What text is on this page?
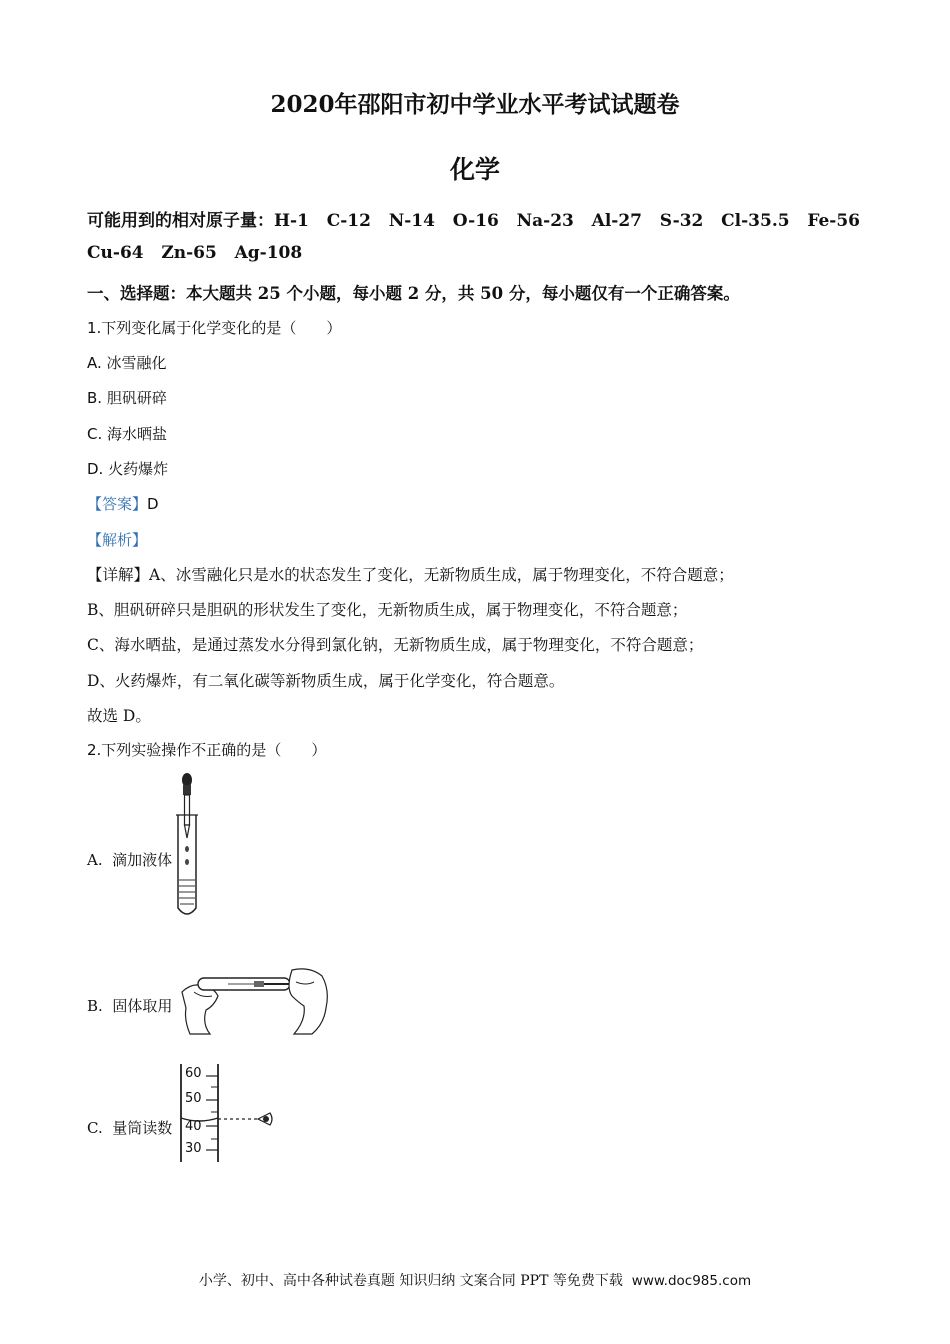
2020年邵阳市初中学业水平考试试题卷
化学
可能用到的相对原子量：H-1   C-12   N-14   O-16   Na-23   Al-27   S-32   Cl-35.5   Fe-56
Cu-64   Zn-65   Ag-108
一、选择题：本大题共 25 个小题，每小题 2 分，共 50 分，每小题仅有一个正确答案。
1.下列变化属于化学变化的是（　　）
A. 冰雪融化
B. 胆矾研碎
C. 海水晒盐
D. 火药爆炸
【答案】D
【解析】
【详解】A、冰雪融化只是水的状态发生了变化，无新物质生成，属于物理变化，不符合题意；
B、胆矾研碎只是胆矾的形状发生了变化，无新物质生成，属于物理变化，不符合题意；
C、海水晒盐，是通过蒸发水分得到氯化钠，无新物质生成，属于物理变化，不符合题意；
D、火药爆炸，有二氧化碳等新物质生成，属于化学变化，符合题意。
故选 D。
2.下列实验操作不正确的是（　　）
A. 滴加液体
B. 固体取用
C. 量筒读数
60
50
40
30
小学、初中、高中各种试卷真题 知识归纳 文案合同 PPT 等免费下载 www.doc985.com
